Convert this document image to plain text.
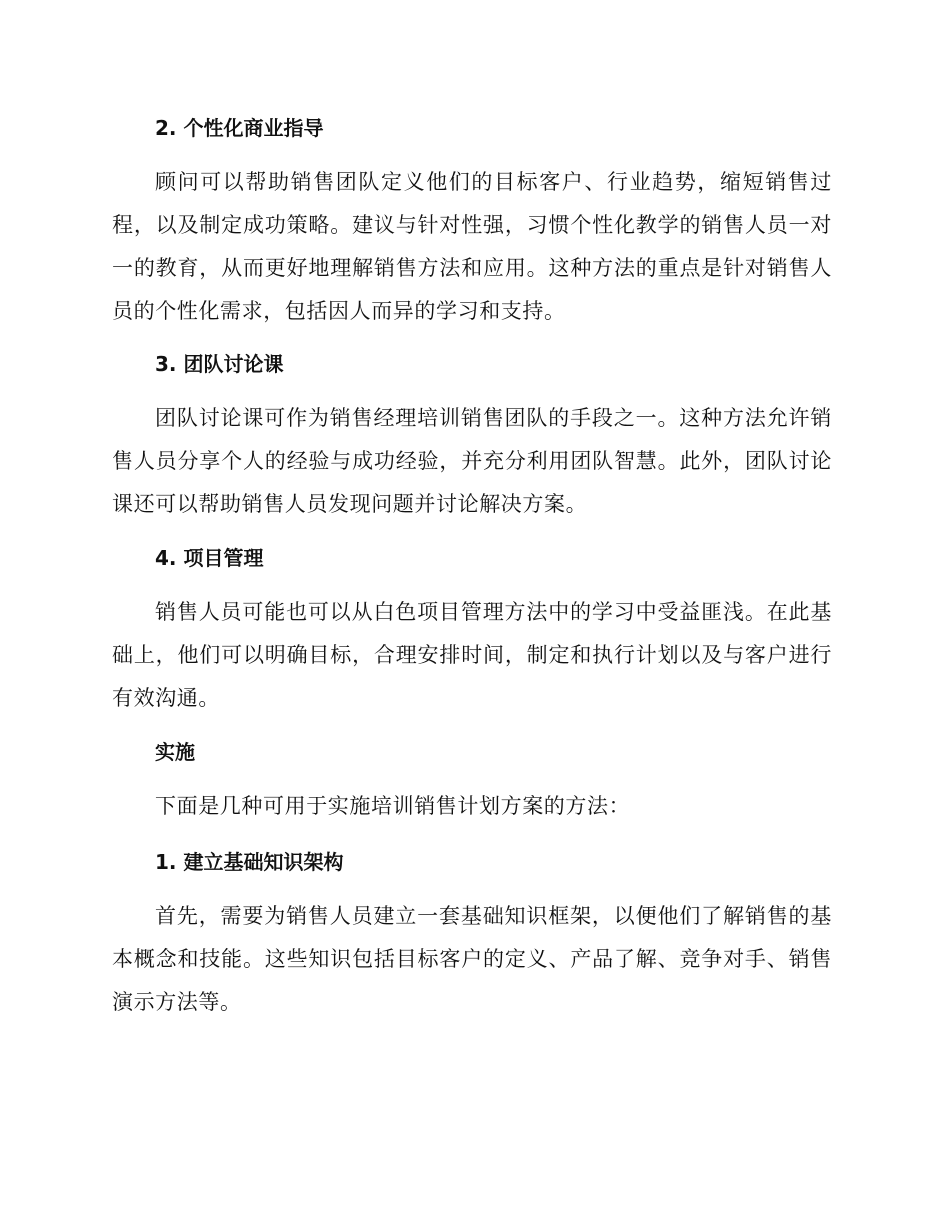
2. 个性化商业指导

顾问可以帮助销售团队定义他们的目标客户、行业趋势，缩短销售过程，以及制定成功策略。建议与针对性强，习惯个性化教学的销售人员一对一的教育，从而更好地理解销售方法和应用。这种方法的重点是针对销售人员的个性化需求，包括因人而异的学习和支持。

3. 团队讨论课

团队讨论课可作为销售经理培训销售团队的手段之一。这种方法允许销售人员分享个人的经验与成功经验，并充分利用团队智慧。此外，团队讨论课还可以帮助销售人员发现问题并讨论解决方案。

4. 项目管理

销售人员可能也可以从白色项目管理方法中的学习中受益匪浅。在此基础上，他们可以明确目标，合理安排时间，制定和执行计划以及与客户进行有效沟通。

实施

下面是几种可用于实施培训销售计划方案的方法：

1. 建立基础知识架构

首先，需要为销售人员建立一套基础知识框架，以便他们了解销售的基本概念和技能。这些知识包括目标客户的定义、产品了解、竞争对手、销售演示方法等。
